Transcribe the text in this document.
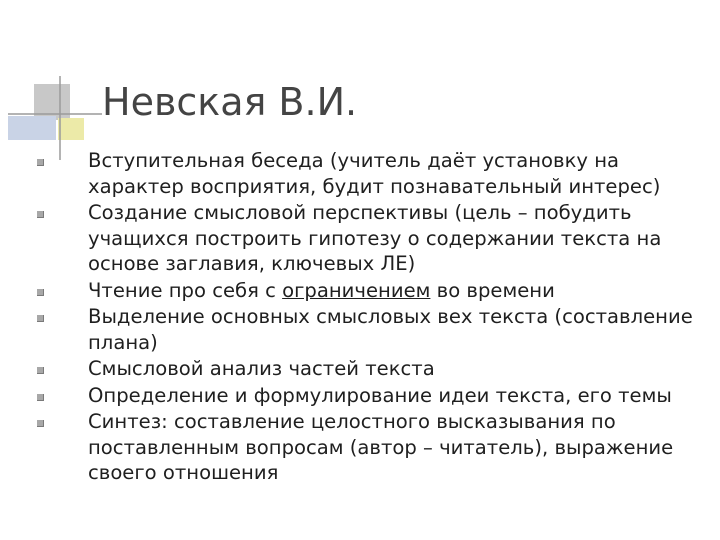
Невская В.И.
Вступительная беседа (учитель даёт установку на характер восприятия, будит познавательный интерес)
Создание смысловой перспективы (цель – побудить учащихся построить гипотезу о содержании текста на основе заглавия, ключевых ЛЕ)
Чтение про себя с ограничением во времени
Выделение основных смысловых вех текста (составление плана)
Смысловой анализ частей текста
Определение и формулирование идеи текста, его темы
Синтез: составление целостного высказывания по поставленным вопросам (автор – читатель), выражение своего отношения
